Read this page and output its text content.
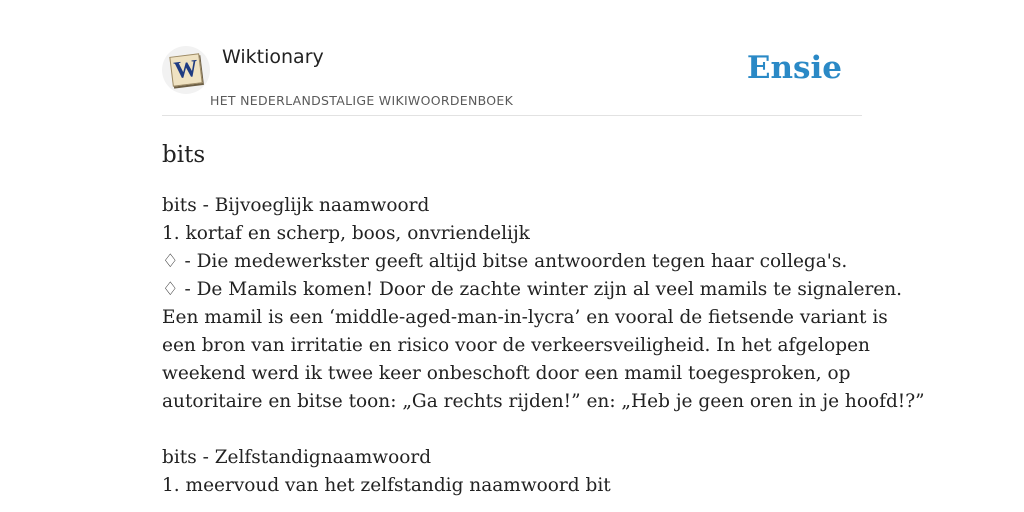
W Wiktionary
HET NEDERLANDSTALIGE WIKIWOORDENBOEK
Ensie
bits
bits - Bijvoeglijk naamwoord
1. kortaf en scherp, boos, onvriendelijk
♢ - Die medewerkster geeft altijd bitse antwoorden tegen haar collega's.
♢ - De Mamils komen! Door de zachte winter zijn al veel mamils te signaleren.
Een mamil is een ‘middle-aged-man-in-lycra’ en vooral de fietsende variant is
een bron van irritatie en risico voor de verkeersveiligheid. In het afgelopen
weekend werd ik twee keer onbeschoft door een mamil toegesproken, op
autoritaire en bitse toon: „Ga rechts rijden!” en: „Heb je geen oren in je hoofd!?”
bits - Zelfstandignaamwoord
1. meervoud van het zelfstandig naamwoord bit
